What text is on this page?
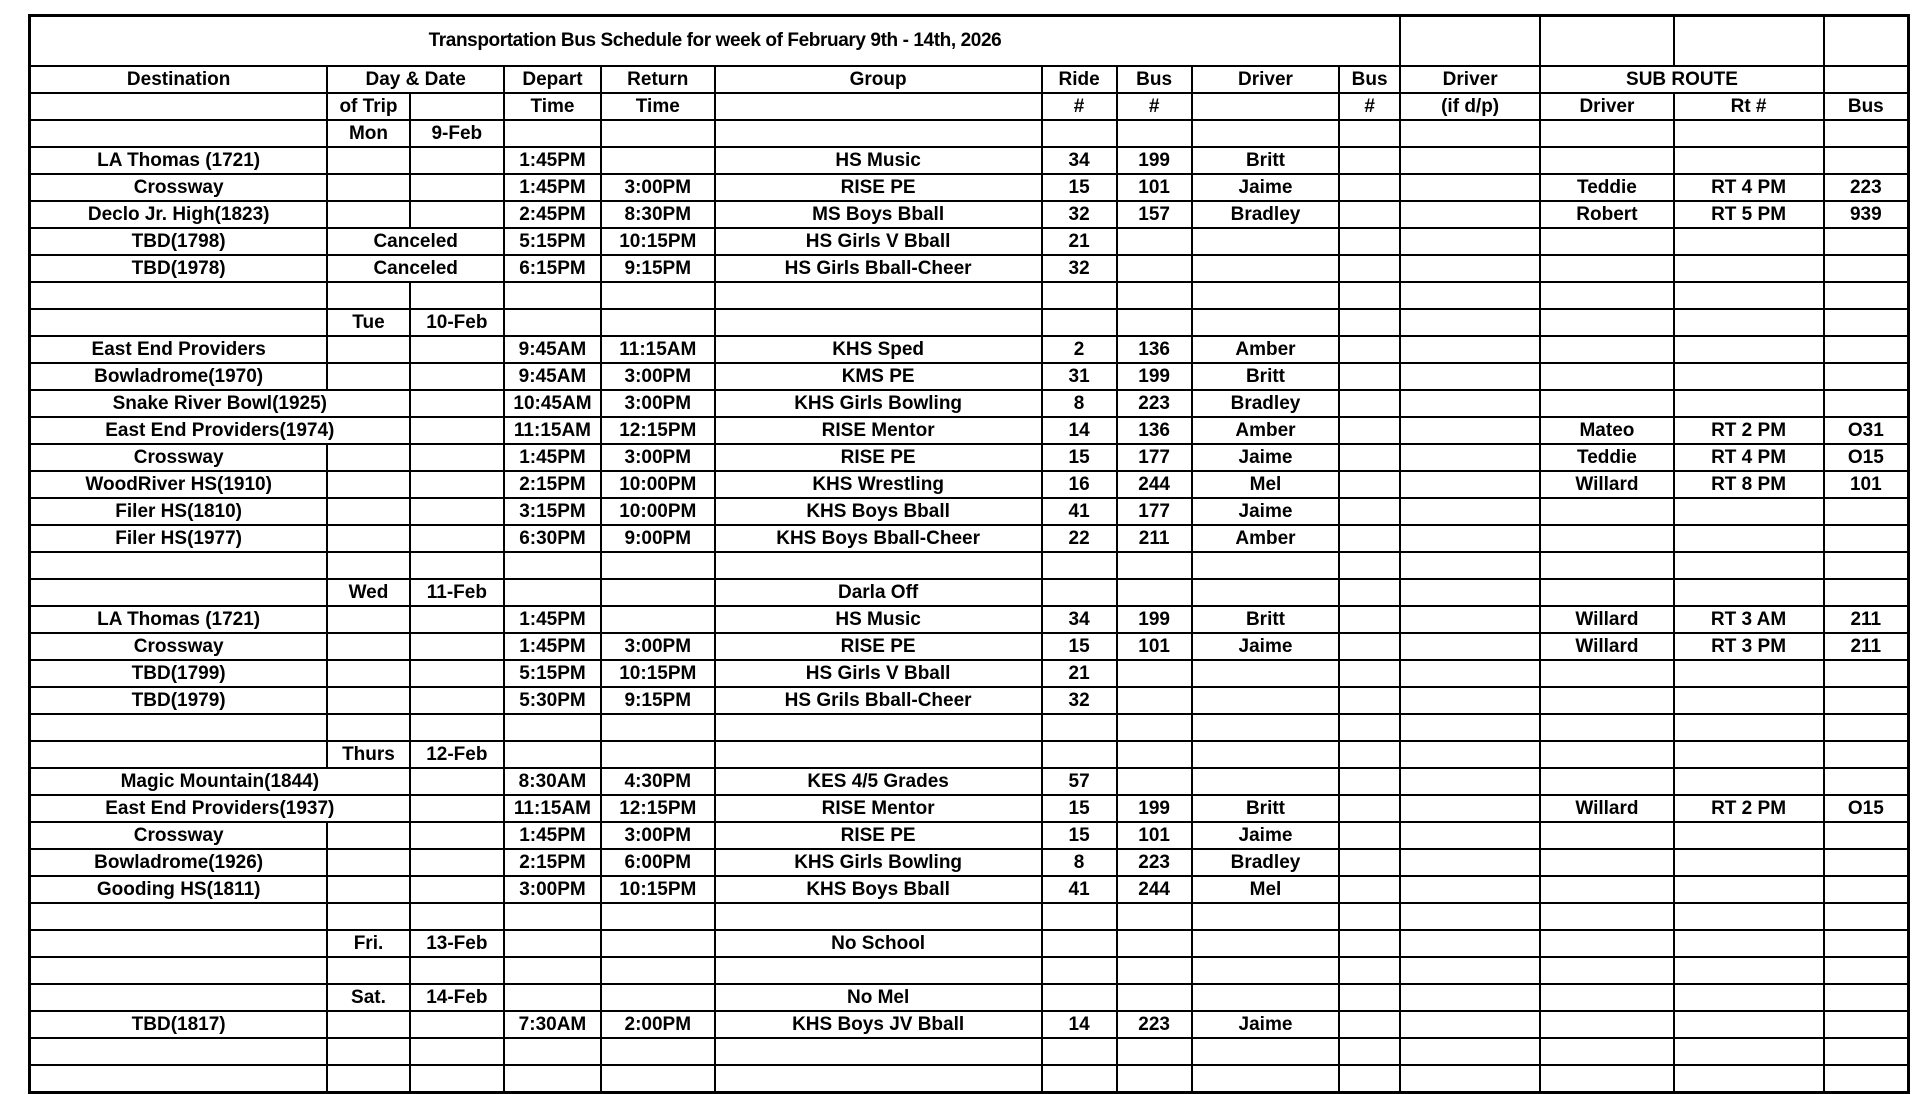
Transportation Bus Schedule for week of February 9th - 14th, 2026													
Destination	Day & Date		Depart	Return	Group	Ride	Bus	Driver	Bus	Driver	SUB ROUTE		
	of Trip		Time	Time		#	#		#	(if d/p)	Driver	Rt #	Bus
	Mon	9-Feb											
LA Thomas (1721)			1:45PM		HS Music	34	199	Britt					
Crossway			1:45PM	3:00PM	RISE PE	15	101	Jaime			Teddie	RT 4 PM	223
Declo Jr. High(1823)			2:45PM	8:30PM	MS Boys Bball	32	157	Bradley			Robert	RT 5 PM	939
TBD(1798)	Canceled		5:15PM	10:15PM	HS Girls V Bball	21							
TBD(1978)	Canceled		6:15PM	9:15PM	HS Girls Bball-Cheer	32							

	Tue	10-Feb											
East End Providers			9:45AM	11:15AM	KHS Sped	2	136	Amber					
Bowladrome(1970)			9:45AM	3:00PM	KMS PE	31	199	Britt					
Snake River Bowl(1925)			10:45AM	3:00PM	KHS Girls Bowling	8	223	Bradley					
East End Providers(1974)			11:15AM	12:15PM	RISE Mentor	14	136	Amber			Mateo	RT 2 PM	O31
Crossway			1:45PM	3:00PM	RISE PE	15	177	Jaime			Teddie	RT 4 PM	O15
WoodRiver HS(1910)			2:15PM	10:00PM	KHS Wrestling	16	244	Mel			Willard	RT 8 PM	101
Filer HS(1810)			3:15PM	10:00PM	KHS Boys Bball	41	177	Jaime					
Filer HS(1977)			6:30PM	9:00PM	KHS Boys Bball-Cheer	22	211	Amber					

	Wed	11-Feb			Darla Off								
LA Thomas (1721)			1:45PM		HS Music	34	199	Britt			Willard	RT 3 AM	211
Crossway			1:45PM	3:00PM	RISE PE	15	101	Jaime			Willard	RT 3 PM	211
TBD(1799)			5:15PM	10:15PM	HS Girls V Bball	21							
TBD(1979)			5:30PM	9:15PM	HS Grils Bball-Cheer	32							

	Thurs	12-Feb											
Magic Mountain(1844)			8:30AM	4:30PM	KES 4/5 Grades	57							
East End Providers(1937)			11:15AM	12:15PM	RISE Mentor	15	199	Britt			Willard	RT 2 PM	O15
Crossway			1:45PM	3:00PM	RISE PE	15	101	Jaime					
Bowladrome(1926)			2:15PM	6:00PM	KHS Girls Bowling	8	223	Bradley					
Gooding HS(1811)			3:00PM	10:15PM	KHS Boys Bball	41	244	Mel					

	Fri.	13-Feb			No School								

	Sat.	14-Feb			No Mel								
TBD(1817)			7:30AM	2:00PM	KHS Boys JV Bball	14	223	Jaime					
